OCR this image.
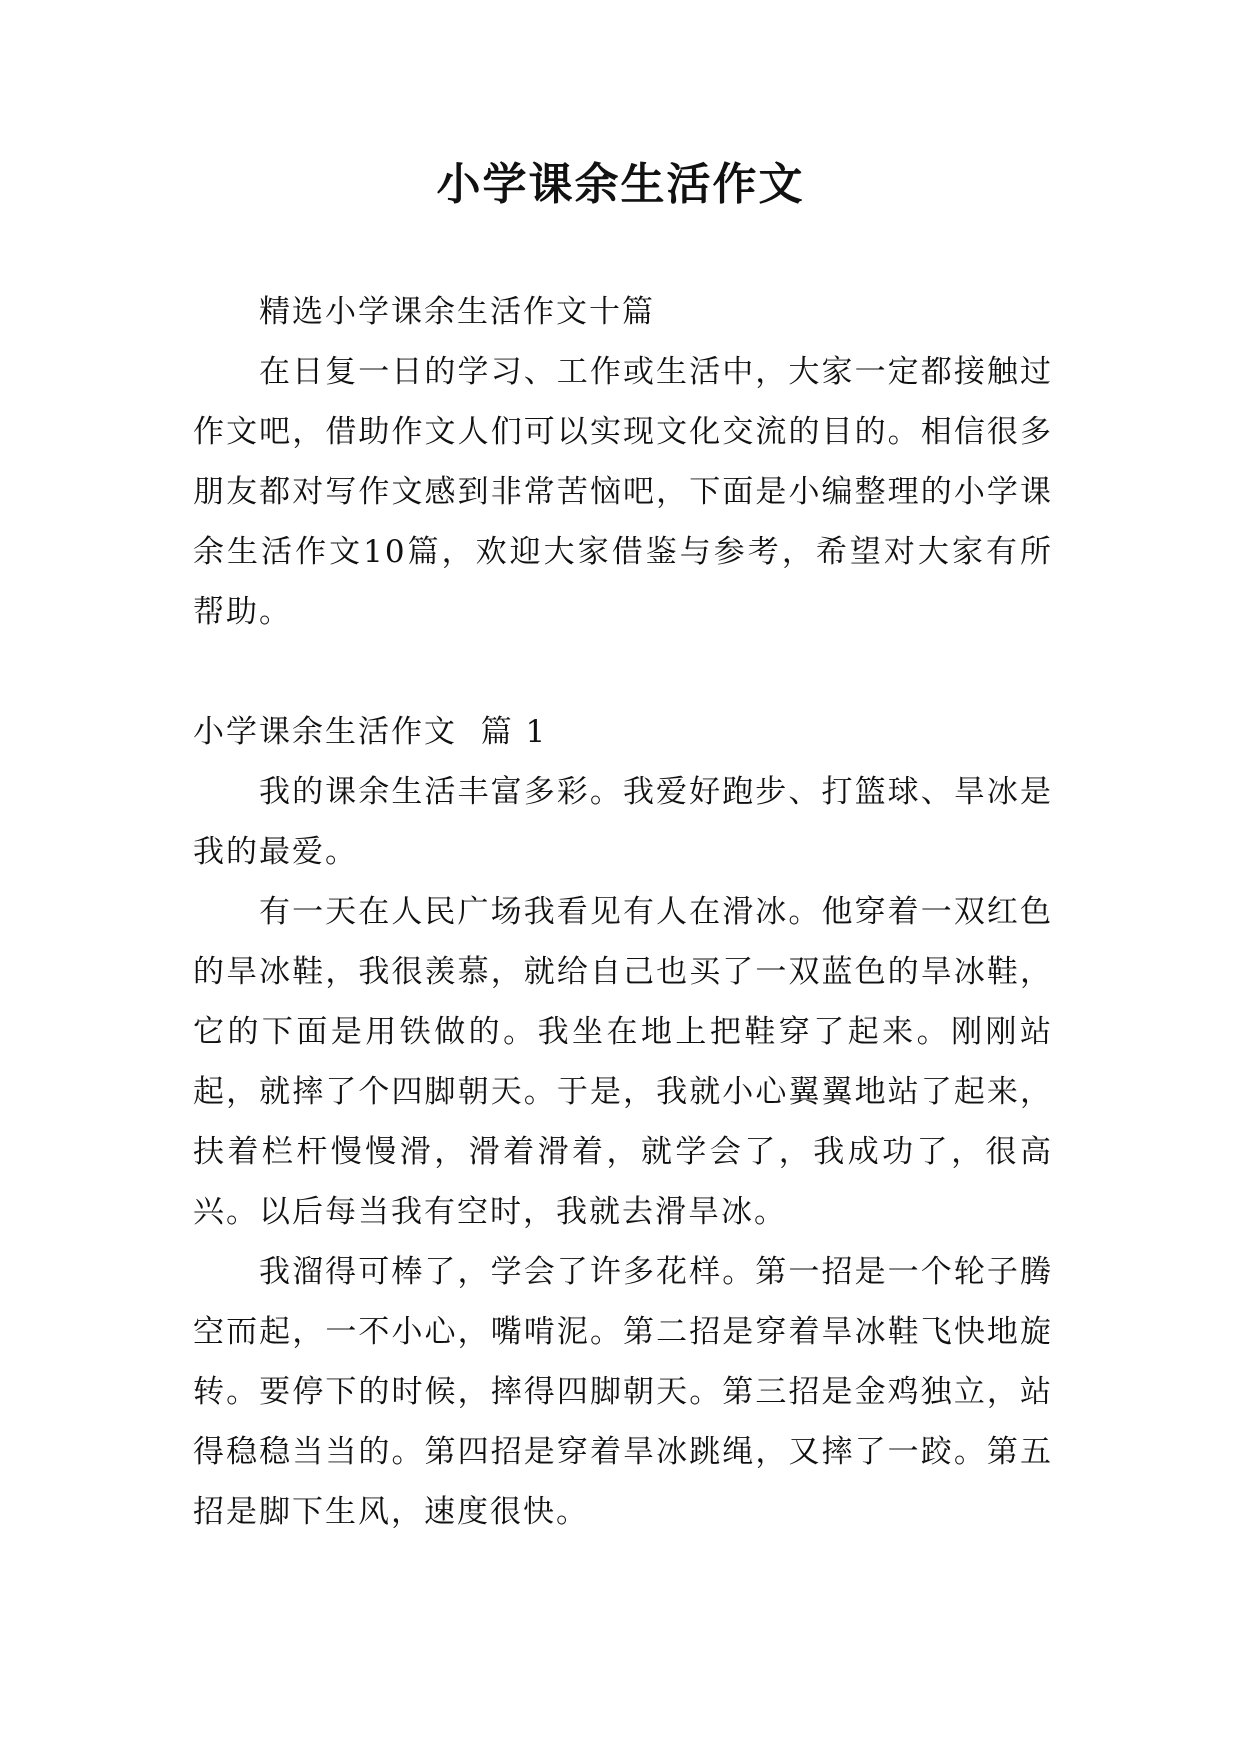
小学课余生活作文

精选小学课余生活作文十篇

在日复一日的学习、工作或生活中，大家一定都接触过作文吧，借助作文人们可以实现文化交流的目的。相信很多朋友都对写作文感到非常苦恼吧，下面是小编整理的小学课余生活作文10篇，欢迎大家借鉴与参考，希望对大家有所帮助。

小学课余生活作文  篇 1

我的课余生活丰富多彩。我爱好跑步、打篮球、旱冰是我的最爱。

有一天在人民广场我看见有人在滑冰。他穿着一双红色的旱冰鞋，我很羡慕，就给自己也买了一双蓝色的旱冰鞋，它的下面是用铁做的。我坐在地上把鞋穿了起来。刚刚站起，就摔了个四脚朝天。于是，我就小心翼翼地站了起来，扶着栏杆慢慢滑，滑着滑着，就学会了，我成功了，很高兴。以后每当我有空时，我就去滑旱冰。

我溜得可棒了，学会了许多花样。第一招是一个轮子腾空而起，一不小心，嘴啃泥。第二招是穿着旱冰鞋飞快地旋转。要停下的时候，摔得四脚朝天。第三招是金鸡独立，站得稳稳当当的。第四招是穿着旱冰跳绳，又摔了一跤。第五招是脚下生风，速度很快。
